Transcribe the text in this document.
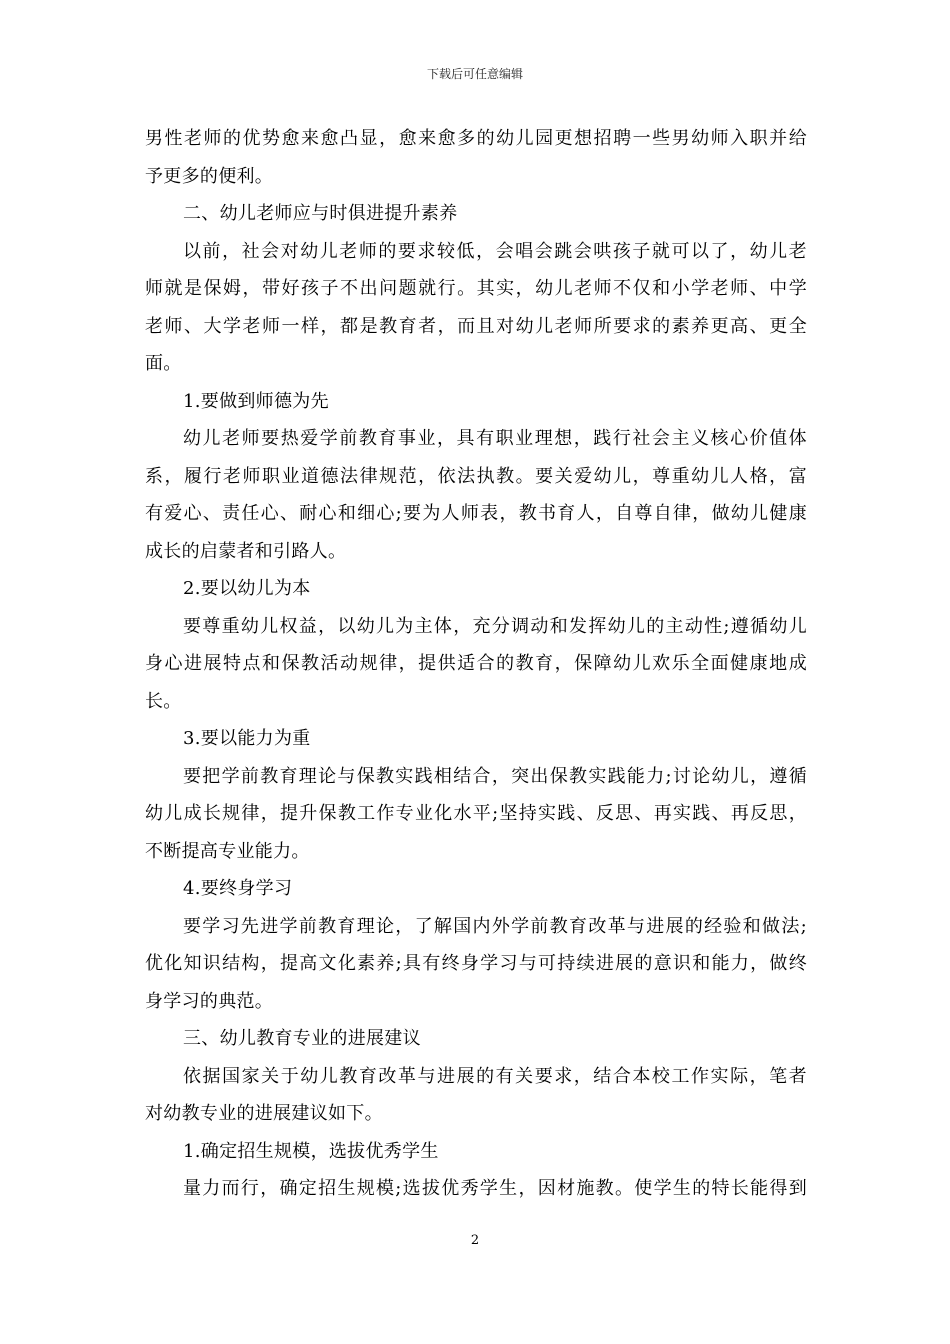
下载后可任意编辑
男性老师的优势愈来愈凸显，愈来愈多的幼儿园更想招聘一些男幼师入职并给
予更多的便利。
二、幼儿老师应与时俱进提升素养
以前，社会对幼儿老师的要求较低，会唱会跳会哄孩子就可以了，幼儿老
师就是保姆，带好孩子不出问题就行。其实，幼儿老师不仅和小学老师、中学
老师、大学老师一样，都是教育者，而且对幼儿老师所要求的素养更高、更全
面。
1.要做到师德为先
幼儿老师要热爱学前教育事业，具有职业理想，践行社会主义核心价值体
系，履行老师职业道德法律规范，依法执教。要关爱幼儿，尊重幼儿人格，富
有爱心、责任心、耐心和细心;要为人师表，教书育人，自尊自律，做幼儿健康
成长的启蒙者和引路人。
2.要以幼儿为本
要尊重幼儿权益，以幼儿为主体，充分调动和发挥幼儿的主动性;遵循幼儿
身心进展特点和保教活动规律，提供适合的教育，保障幼儿欢乐全面健康地成
长。
3.要以能力为重
要把学前教育理论与保教实践相结合，突出保教实践能力;讨论幼儿，遵循
幼儿成长规律，提升保教工作专业化水平;坚持实践、反思、再实践、再反思，
不断提高专业能力。
4.要终身学习
要学习先进学前教育理论，了解国内外学前教育改革与进展的经验和做法;
优化知识结构，提高文化素养;具有终身学习与可持续进展的意识和能力，做终
身学习的典范。
三、幼儿教育专业的进展建议
依据国家关于幼儿教育改革与进展的有关要求，结合本校工作实际，笔者
对幼教专业的进展建议如下。
1.确定招生规模，选拔优秀学生
量力而行，确定招生规模;选拔优秀学生，因材施教。使学生的特长能得到
2
